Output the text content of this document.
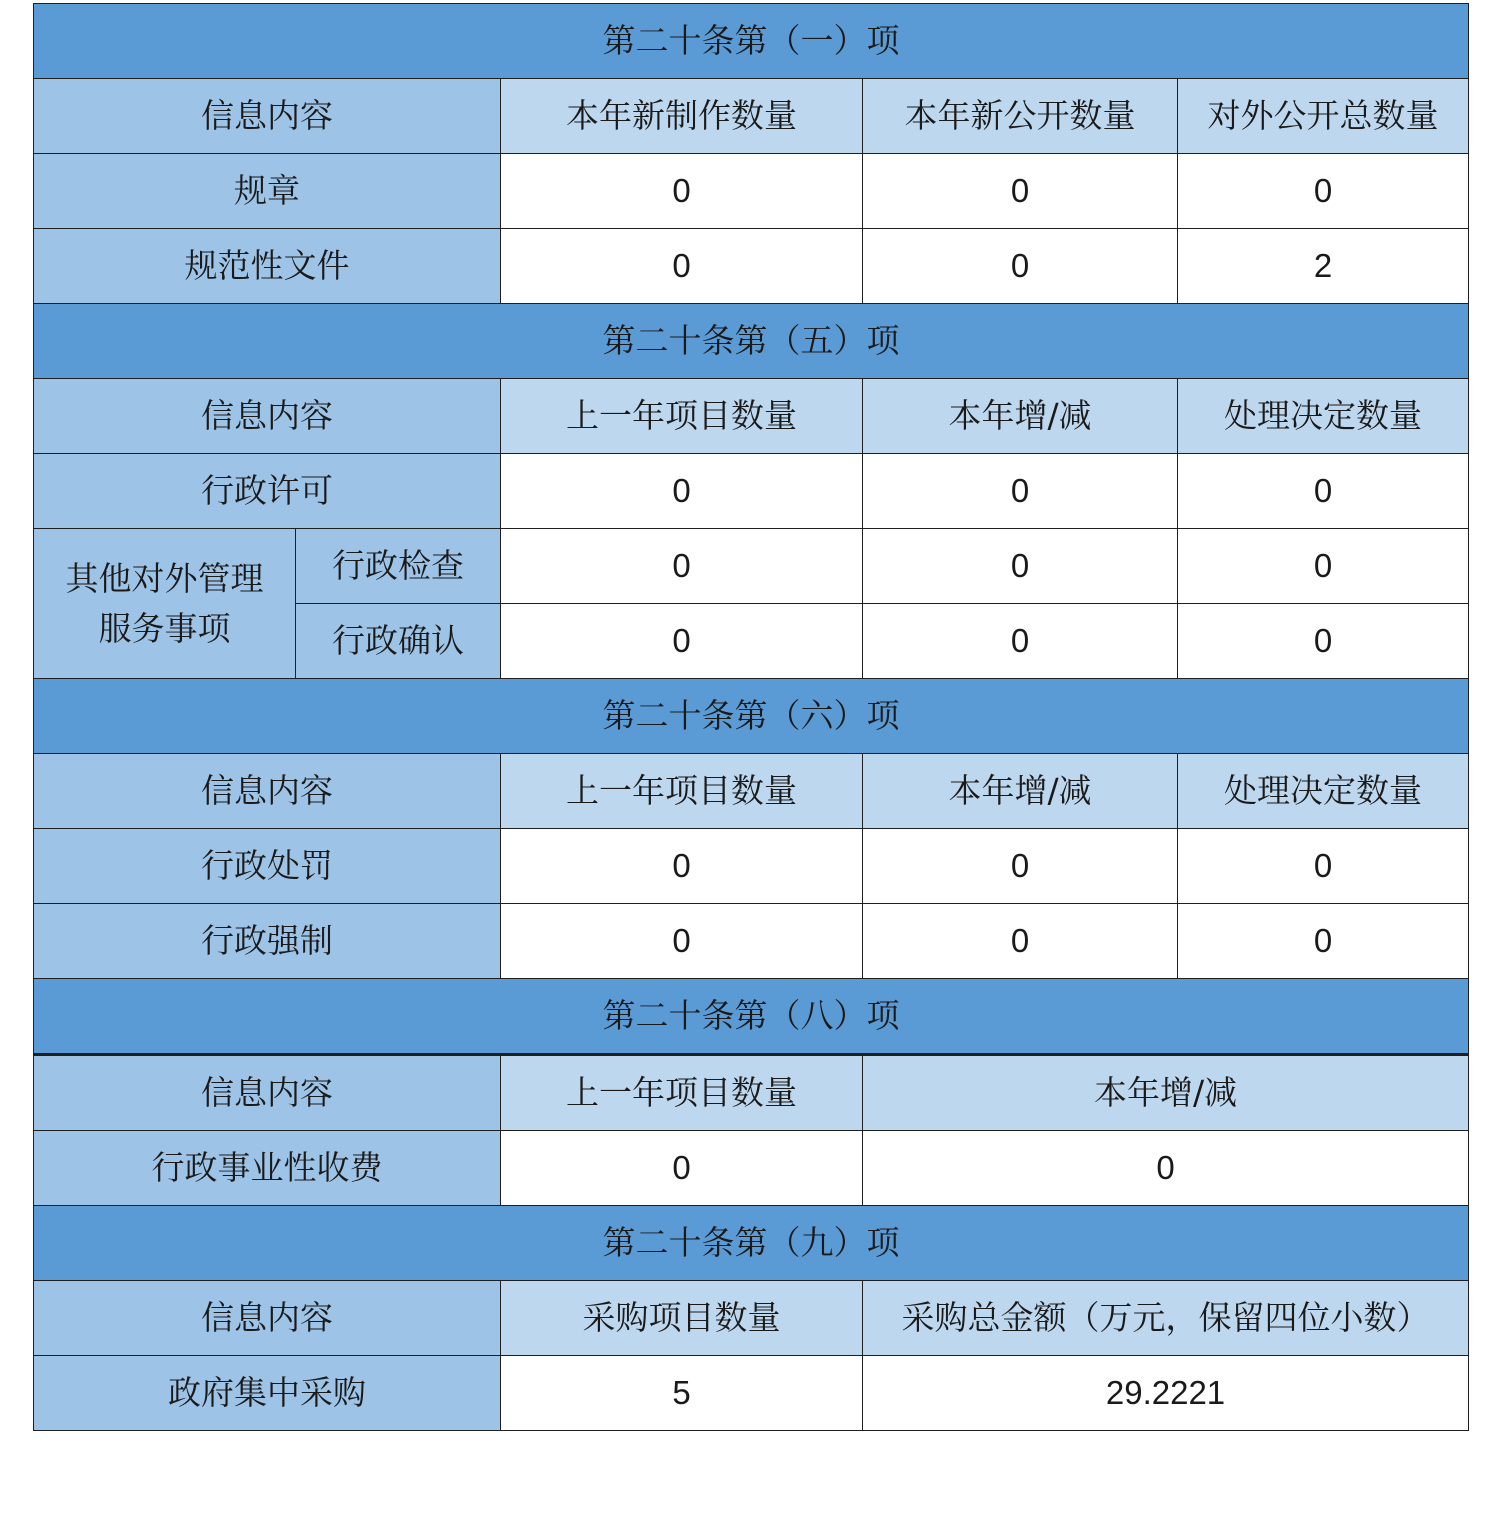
第二十条第（一）项				
信息内容		本年新制作数量	本年新公开数量	对外公开总数量
规章		0	0	0
规范性文件		0	0	2
第二十条第（五）项				
信息内容		上一年项目数量	本年增/减	处理决定数量
行政许可		0	0	0

其他对外管理
服务事项	行政检查	0	0	0
	行政确认	0	0	0
第二十条第（六）项				
信息内容		上一年项目数量	本年增/减	处理决定数量
行政处罚		0	0	0
行政强制		0	0	0
第二十条第（八）项				
信息内容		上一年项目数量	本年增/减	
行政事业性收费		0	0	
第二十条第（九）项				
信息内容		采购项目数量	采购总金额（万元，保留四位小数）	
政府集中采购		5	29.2221	
